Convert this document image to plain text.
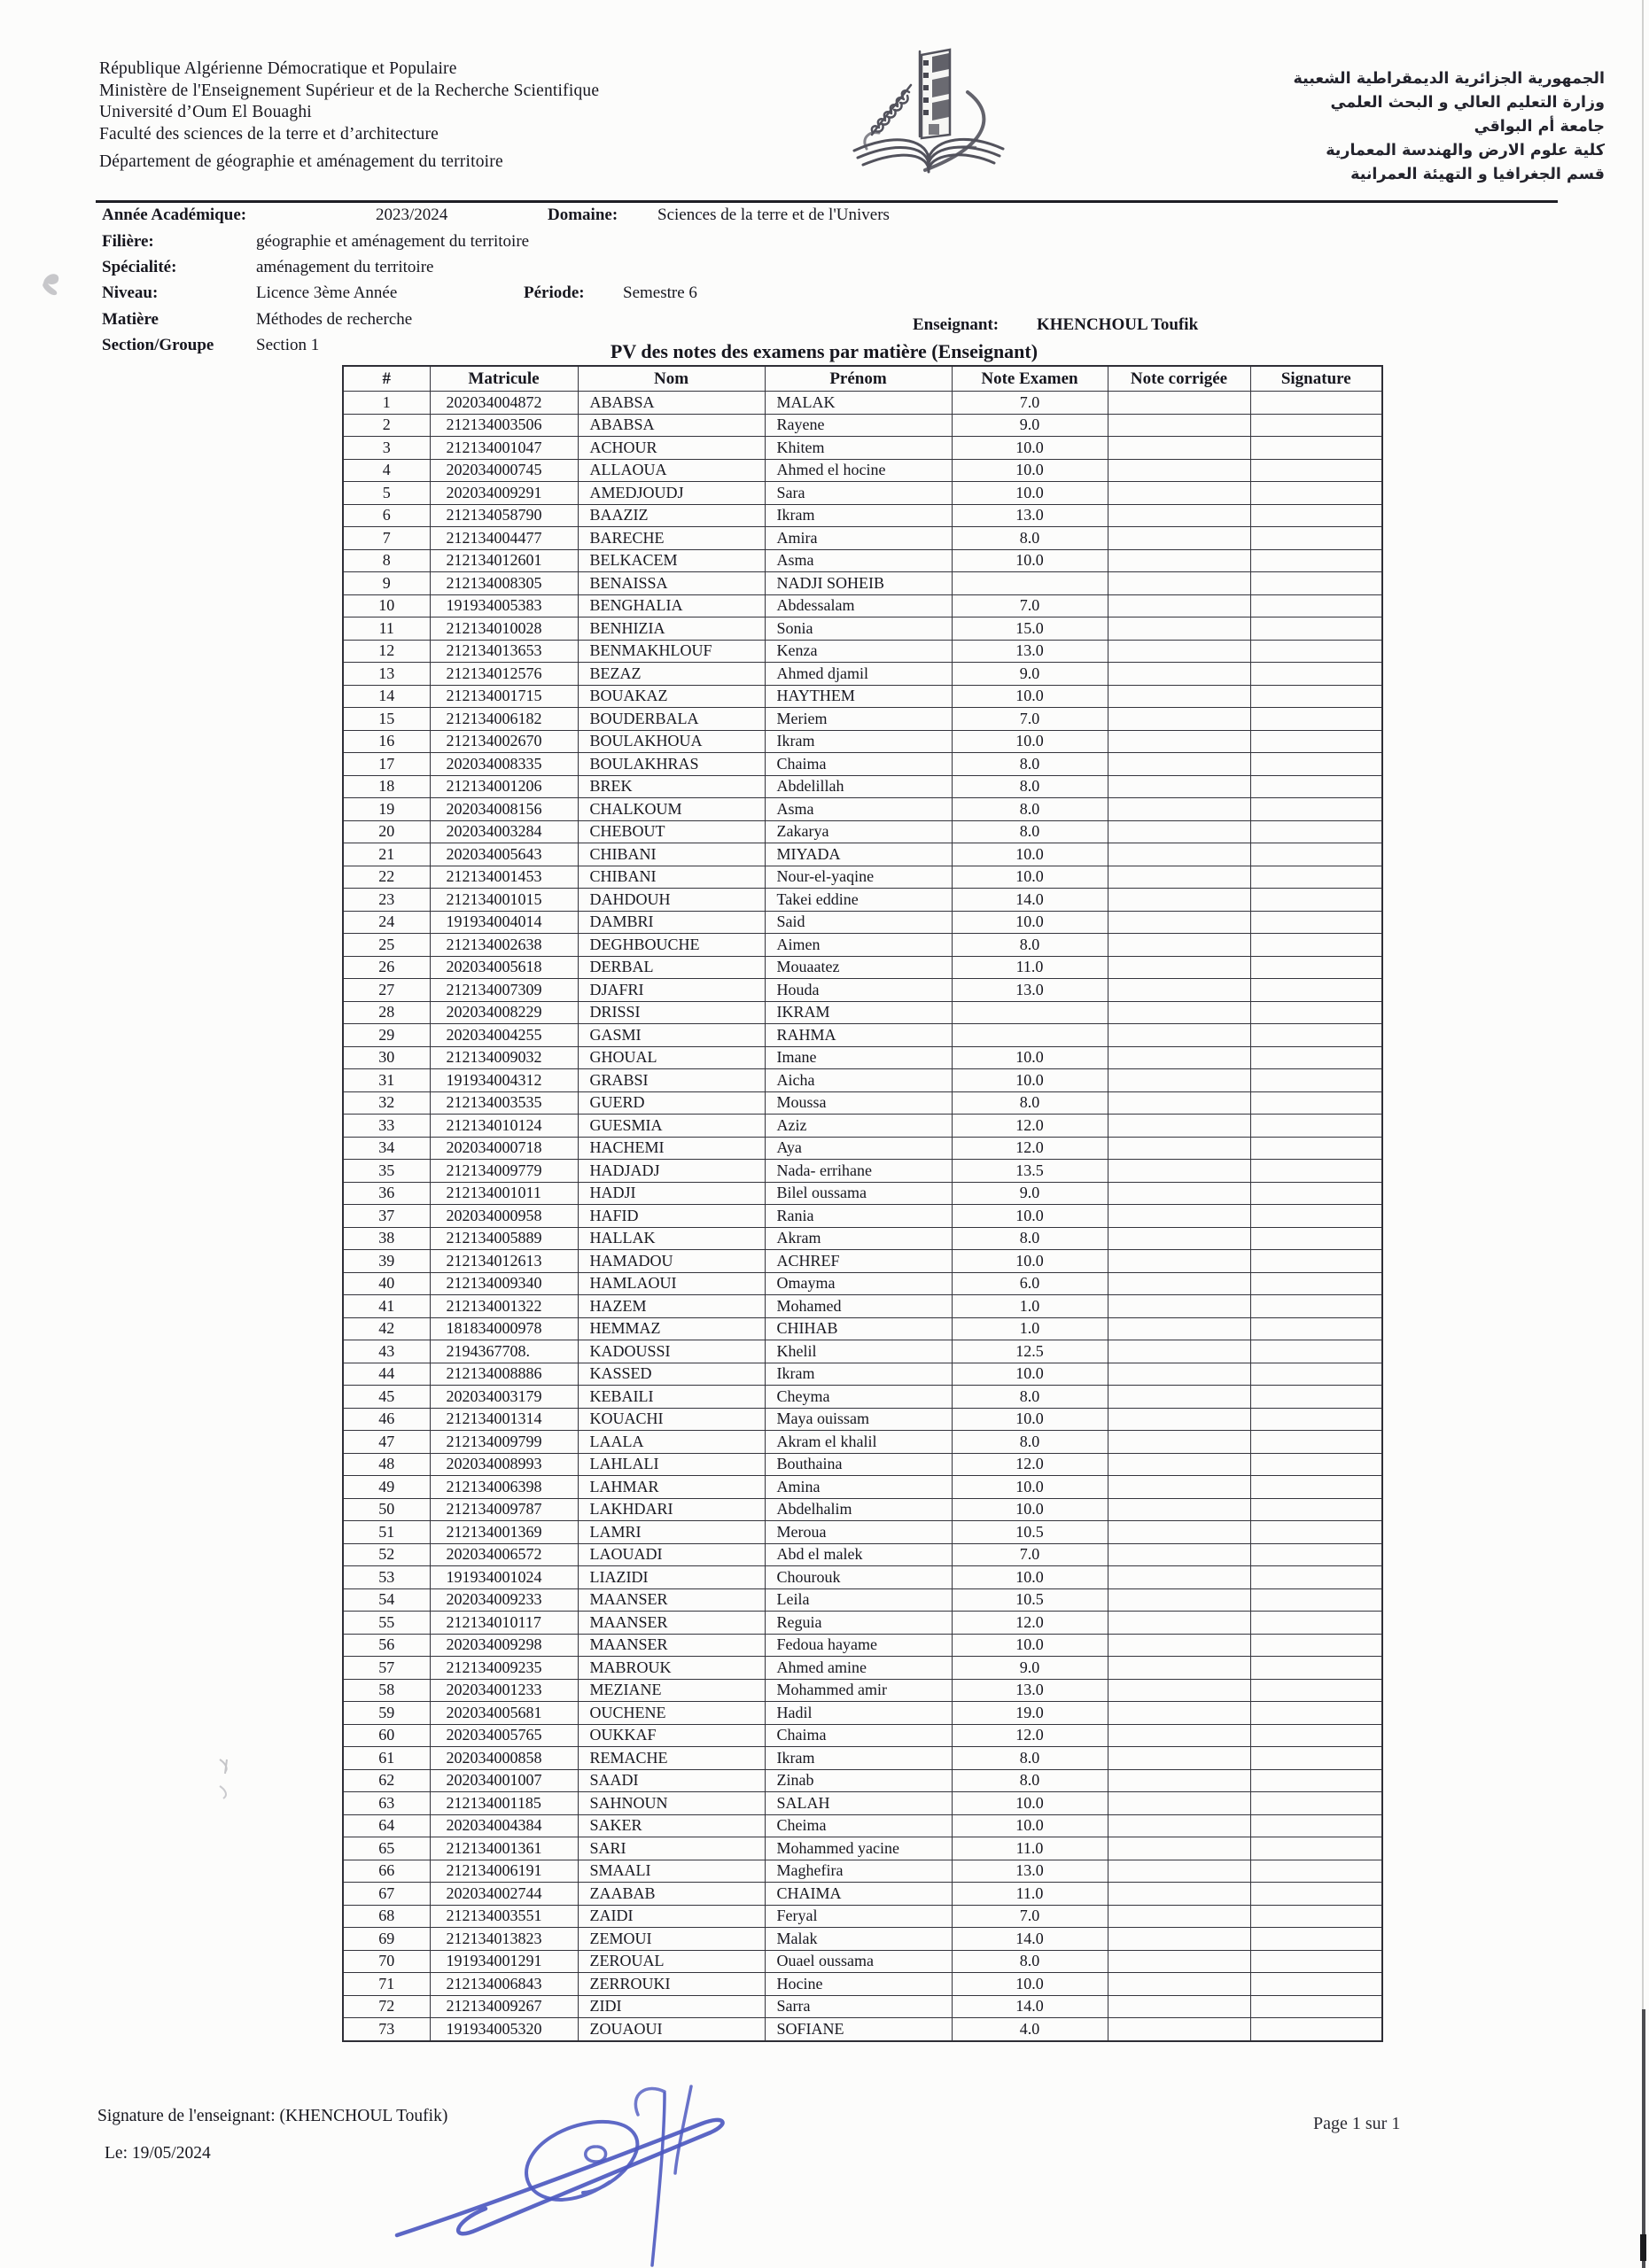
République Algérienne Démocratique et Populaire
Ministère de l'Enseignement Supérieur et de la Recherche Scientifique
Université d’Oum El Bouaghi
Faculté des sciences de la terre et d’architecture
Département de géographie et aménagement du territoire
الجمهورية الجزائرية الديمقراطية الشعبية
وزارة التعليم العالي و البحث العلمي
جامعة أم البواقي
كلية علوم الارض والهندسة المعمارية
قسم الجغرافيا و التهيئة العمرانية
Année Académique:	2023/2024	Domaine: Sciences de la terre et de l'Univers
Filière:	géographie et aménagement du territoire
Spécialité:	aménagement du territoire
Niveau:	Licence 3ème Année	Période: Semestre 6
Matière	Méthodes de recherche
Section/Groupe	Section 1
Enseignant: KHENCHOUL Toufik
PV des notes des examens par matière (Enseignant)
#	Matricule	Nom	Prénom	Note Examen	Note corrigée	Signature
1	202034004872	ABABSA	MALAK	7.0		
2	212134003506	ABABSA	Rayene	9.0		
3	212134001047	ACHOUR	Khitem	10.0		
4	202034000745	ALLAOUA	Ahmed el hocine	10.0		
5	202034009291	AMEDJOUDJ	Sara	10.0		
6	212134058790	BAAZIZ	Ikram	13.0		
7	212134004477	BARECHE	Amira	8.0		
8	212134012601	BELKACEM	Asma	10.0		
9	212134008305	BENAISSA	NADJI SOHEIB			
10	191934005383	BENGHALIA	Abdessalam	7.0		
11	212134010028	BENHIZIA	Sonia	15.0		
12	212134013653	BENMAKHLOUF	Kenza	13.0		
13	212134012576	BEZAZ	Ahmed djamil	9.0		
14	212134001715	BOUAKAZ	HAYTHEM	10.0		
15	212134006182	BOUDERBALA	Meriem	7.0		
16	212134002670	BOULAKHOUA	Ikram	10.0		
17	202034008335	BOULAKHRAS	Chaima	8.0		
18	212134001206	BREK	Abdelillah	8.0		
19	202034008156	CHALKOUM	Asma	8.0		
20	202034003284	CHEBOUT	Zakarya	8.0		
21	202034005643	CHIBANI	MIYADA	10.0		
22	212134001453	CHIBANI	Nour-el-yaqine	10.0		
23	212134001015	DAHDOUH	Takei eddine	14.0		
24	191934004014	DAMBRI	Said	10.0		
25	212134002638	DEGHBOUCHE	Aimen	8.0		
26	202034005618	DERBAL	Mouaatez	11.0		
27	212134007309	DJAFRI	Houda	13.0		
28	202034008229	DRISSI	IKRAM			
29	202034004255	GASMI	RAHMA			
30	212134009032	GHOUAL	Imane	10.0		
31	191934004312	GRABSI	Aicha	10.0		
32	212134003535	GUERD	Moussa	8.0		
33	212134010124	GUESMIA	Aziz	12.0		
34	202034000718	HACHEMI	Aya	12.0		
35	212134009779	HADJADJ	Nada- errihane	13.5		
36	212134001011	HADJI	Bilel oussama	9.0		
37	202034000958	HAFID	Rania	10.0		
38	212134005889	HALLAK	Akram	8.0		
39	212134012613	HAMADOU	ACHREF	10.0		
40	212134009340	HAMLAOUI	Omayma	6.0		
41	212134001322	HAZEM	Mohamed	1.0		
42	181834000978	HEMMAZ	CHIHAB	1.0		
43	2194367708.	KADOUSSI	Khelil	12.5		
44	212134008886	KASSED	Ikram	10.0		
45	202034003179	KEBAILI	Cheyma	8.0		
46	212134001314	KOUACHI	Maya ouissam	10.0		
47	212134009799	LAALA	Akram el khalil	8.0		
48	202034008993	LAHLALI	Bouthaina	12.0		
49	212134006398	LAHMAR	Amina	10.0		
50	212134009787	LAKHDARI	Abdelhalim	10.0		
51	212134001369	LAMRI	Meroua	10.5		
52	202034006572	LAOUADI	Abd el malek	7.0		
53	191934001024	LIAZIDI	Chourouk	10.0		
54	202034009233	MAANSER	Leila	10.5		
55	212134010117	MAANSER	Reguia	12.0		
56	202034009298	MAANSER	Fedoua hayame	10.0		
57	212134009235	MABROUK	Ahmed amine	9.0		
58	202034001233	MEZIANE	Mohammed amir	13.0		
59	202034005681	OUCHENE	Hadil	19.0		
60	202034005765	OUKKAF	Chaima	12.0		
61	202034000858	REMACHE	Ikram	8.0		
62	202034001007	SAADI	Zinab	8.0		
63	212134001185	SAHNOUN	SALAH	10.0		
64	202034004384	SAKER	Cheima	10.0		
65	212134001361	SARI	Mohammed yacine	11.0		
66	212134006191	SMAALI	Maghefira	13.0		
67	202034002744	ZAABAB	CHAIMA	11.0		
68	212134003551	ZAIDI	Feryal	7.0		
69	212134013823	ZEMOUI	Malak	14.0		
70	191934001291	ZEROUAL	Ouael oussama	8.0		
71	212134006843	ZERROUKI	Hocine	10.0		
72	212134009267	ZIDI	Sarra	14.0		
73	191934005320	ZOUAOUI	SOFIANE	4.0		
Signature de l'enseignant: (KHENCHOUL Toufik)
Le: 19/05/2024
Page 1 sur 1
